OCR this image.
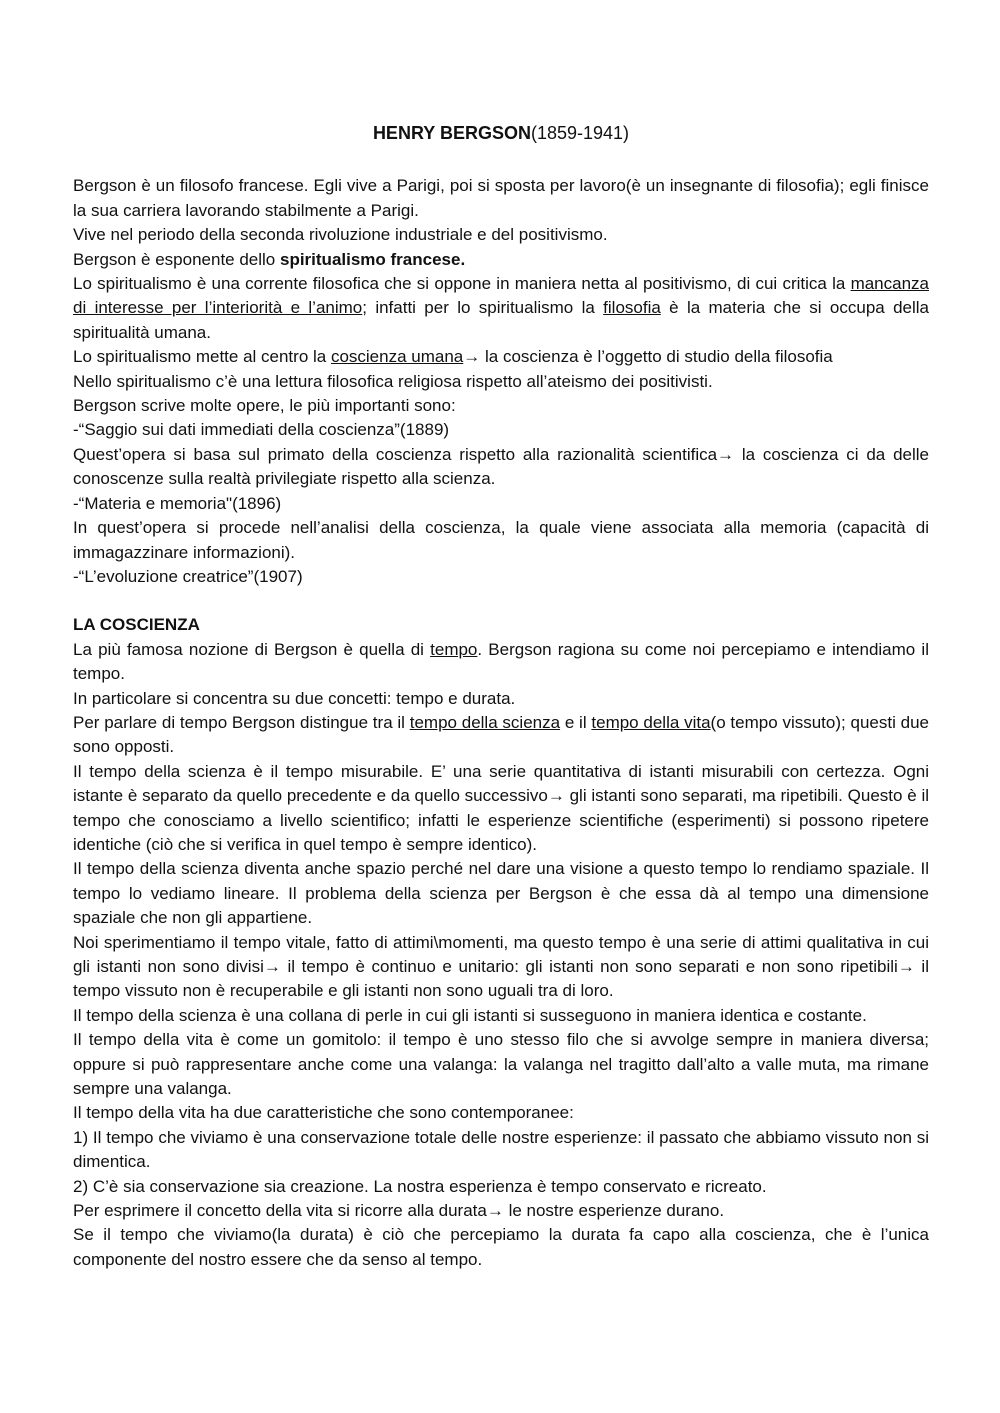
HENRY BERGSON(1859-1941)

Bergson è un filosofo francese. Egli vive a Parigi, poi si sposta per lavoro(è un insegnante di filosofia); egli finisce la sua carriera lavorando stabilmente a Parigi.

Vive nel periodo della seconda rivoluzione industriale e del positivismo.

Bergson è esponente dello spiritualismo francese.

Lo spiritualismo è una corrente filosofica che si oppone in maniera netta al positivismo, di cui critica la mancanza di interesse per l’interiorità e l’animo; infatti per lo spiritualismo la filosofia è la materia che si occupa della spiritualità umana.

Lo spiritualismo mette al centro la coscienza umana→ la coscienza è l’oggetto di studio della filosofia

Nello spiritualismo c’è una lettura filosofica religiosa rispetto all’ateismo dei positivisti.

Bergson scrive molte opere, le più importanti sono:

-“Saggio sui dati immediati della coscienza”(1889)

Quest’opera si basa sul primato della coscienza rispetto alla razionalità scientifica→ la coscienza ci da delle conoscenze sulla realtà privilegiate rispetto alla scienza.

-“Materia e memoria"(1896)

In quest’opera si procede nell’analisi della coscienza, la quale viene associata alla memoria (capacità di immagazzinare informazioni).

-“L’evoluzione creatrice”(1907)

LA COSCIENZA

La più famosa nozione di Bergson è quella di tempo. Bergson ragiona su come noi percepiamo e intendiamo il tempo.

In particolare si concentra su due concetti: tempo e durata.

Per parlare di tempo Bergson distingue tra il tempo della scienza e il tempo della vita(o tempo vissuto); questi due sono opposti.

Il tempo della scienza è il tempo misurabile. E’ una serie quantitativa di istanti misurabili con certezza. Ogni istante è separato da quello precedente e da quello successivo→ gli istanti sono separati, ma ripetibili. Questo è il tempo che conosciamo a livello scientifico; infatti le esperienze scientifiche (esperimenti) si possono ripetere identiche (ciò che si verifica in quel tempo è sempre identico).

Il tempo della scienza diventa anche spazio perché nel dare una visione a questo tempo lo rendiamo spaziale. Il tempo lo vediamo lineare. Il problema della scienza per Bergson è che essa dà al tempo una dimensione spaziale che non gli appartiene.

Noi sperimentiamo il tempo vitale, fatto di attimi\momenti, ma questo tempo è una serie di attimi qualitativa in cui gli istanti non sono divisi→ il tempo è continuo e unitario: gli istanti non sono separati e non sono ripetibili→ il tempo vissuto non è recuperabile e gli istanti non sono uguali tra di loro.

Il tempo della scienza è una collana di perle in cui gli istanti si susseguono in maniera identica e costante.

Il tempo della vita è come un gomitolo: il tempo è uno stesso filo che si avvolge sempre in maniera diversa; oppure si può rappresentare anche come una valanga: la valanga nel tragitto dall’alto a valle muta, ma rimane sempre una valanga.

Il tempo della vita ha due caratteristiche che sono contemporanee:

1) Il tempo che viviamo è una conservazione totale delle nostre esperienze: il passato che abbiamo vissuto non si dimentica.

2) C’è sia conservazione sia creazione. La nostra esperienza è tempo conservato e ricreato.

Per esprimere il concetto della vita si ricorre alla durata→ le nostre esperienze durano.

Se il tempo che viviamo(la durata) è ciò che percepiamo la durata fa capo alla coscienza, che è l’unica componente del nostro essere che da senso al tempo.
